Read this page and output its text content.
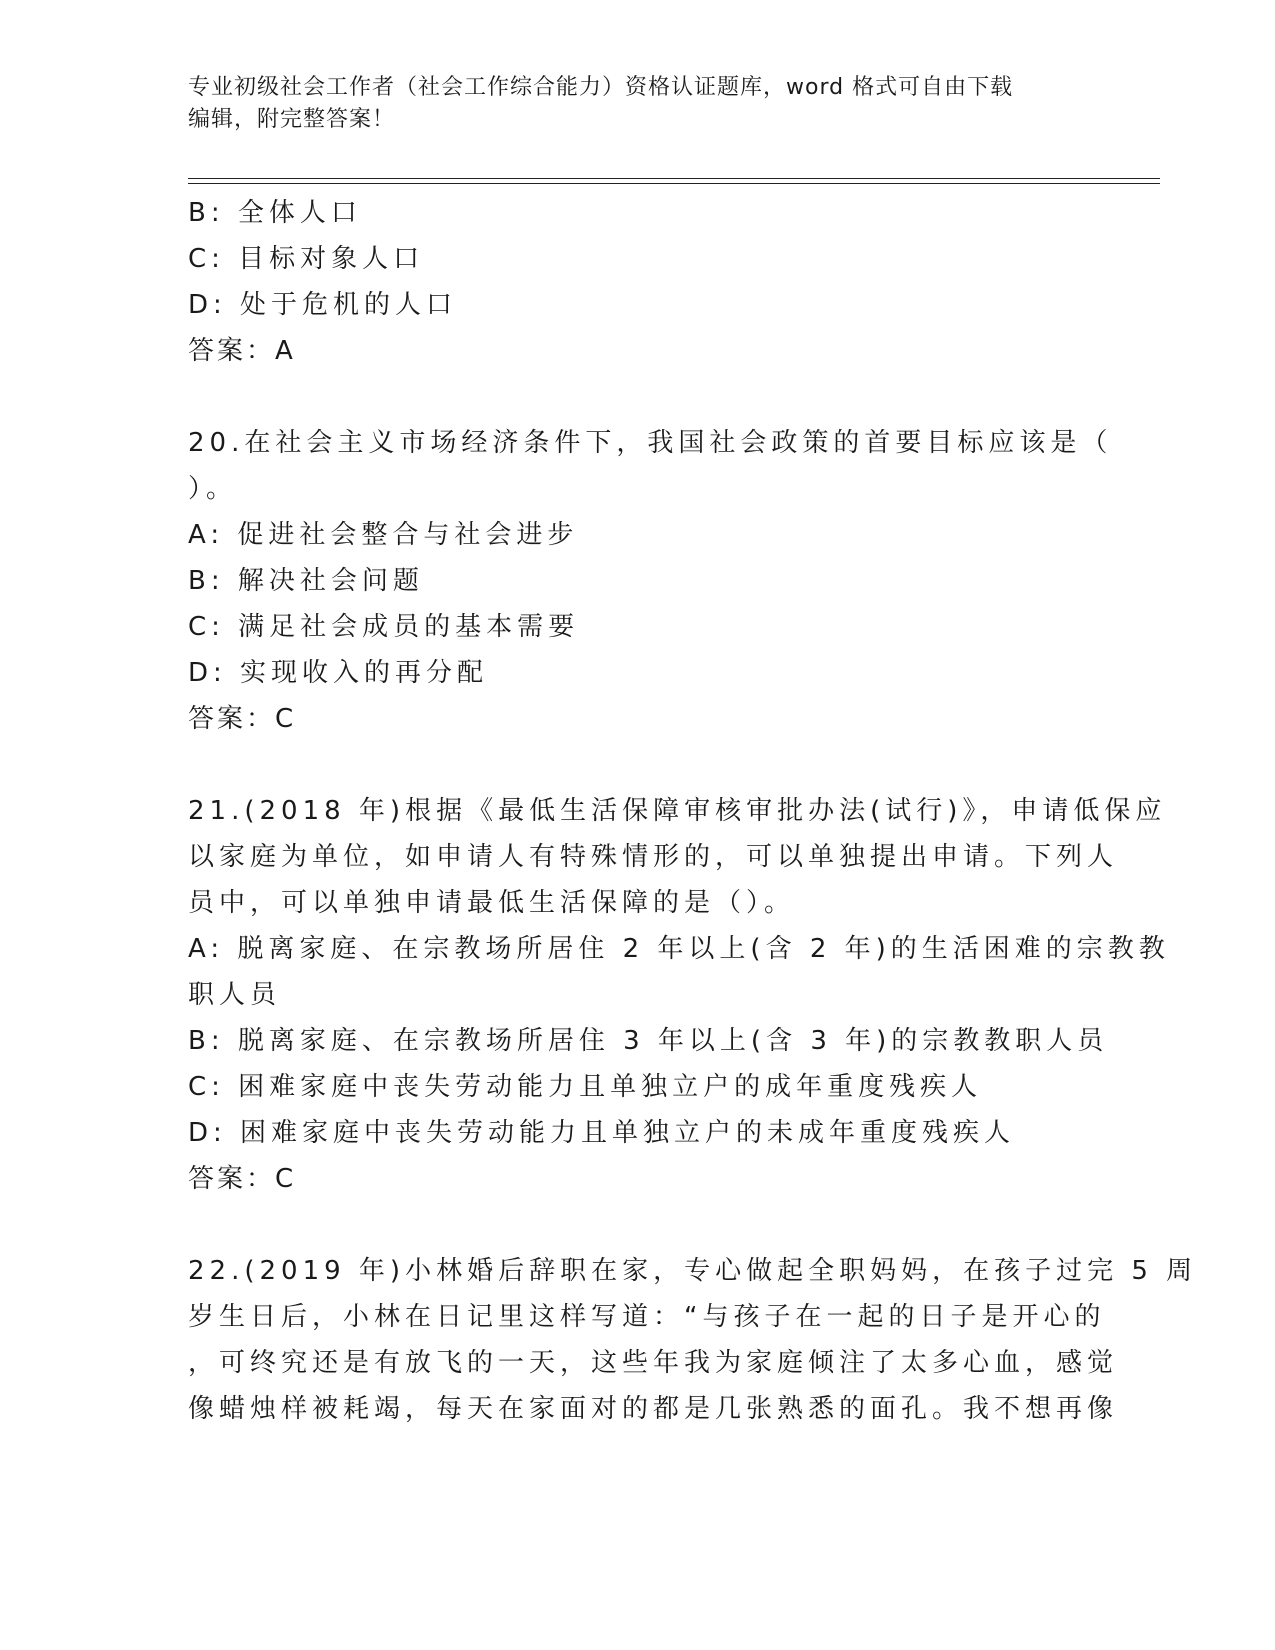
专业初级社会工作者（社会工作综合能力）资格认证题库，word 格式可自由下载
编辑，附完整答案！
B: 全体人口
C: 目标对象人口
D: 处于危机的人口
答案：A
20.在社会主义市场经济条件下，我国社会政策的首要目标应该是（
）。
A: 促进社会整合与社会进步
B: 解决社会问题
C: 满足社会成员的基本需要
D: 实现收入的再分配
答案：C
21.(2018 年)根据《最低生活保障审核审批办法(试行)》，申请低保应
以家庭为单位，如申请人有特殊情形的，可以单独提出申请。下列人
员中，可以单独申请最低生活保障的是（）。
A: 脱离家庭、在宗教场所居住 2 年以上(含 2 年)的生活困难的宗教教
职人员
B: 脱离家庭、在宗教场所居住 3 年以上(含 3 年)的宗教教职人员
C: 困难家庭中丧失劳动能力且单独立户的成年重度残疾人
D: 困难家庭中丧失劳动能力且单独立户的未成年重度残疾人
答案：C
22.(2019 年)小林婚后辞职在家，专心做起全职妈妈，在孩子过完 5 周
岁生日后，小林在日记里这样写道：“与孩子在一起的日子是开心的
，可终究还是有放飞的一天，这些年我为家庭倾注了太多心血，感觉
像蜡烛样被耗竭，每天在家面对的都是几张熟悉的面孔。我不想再像
